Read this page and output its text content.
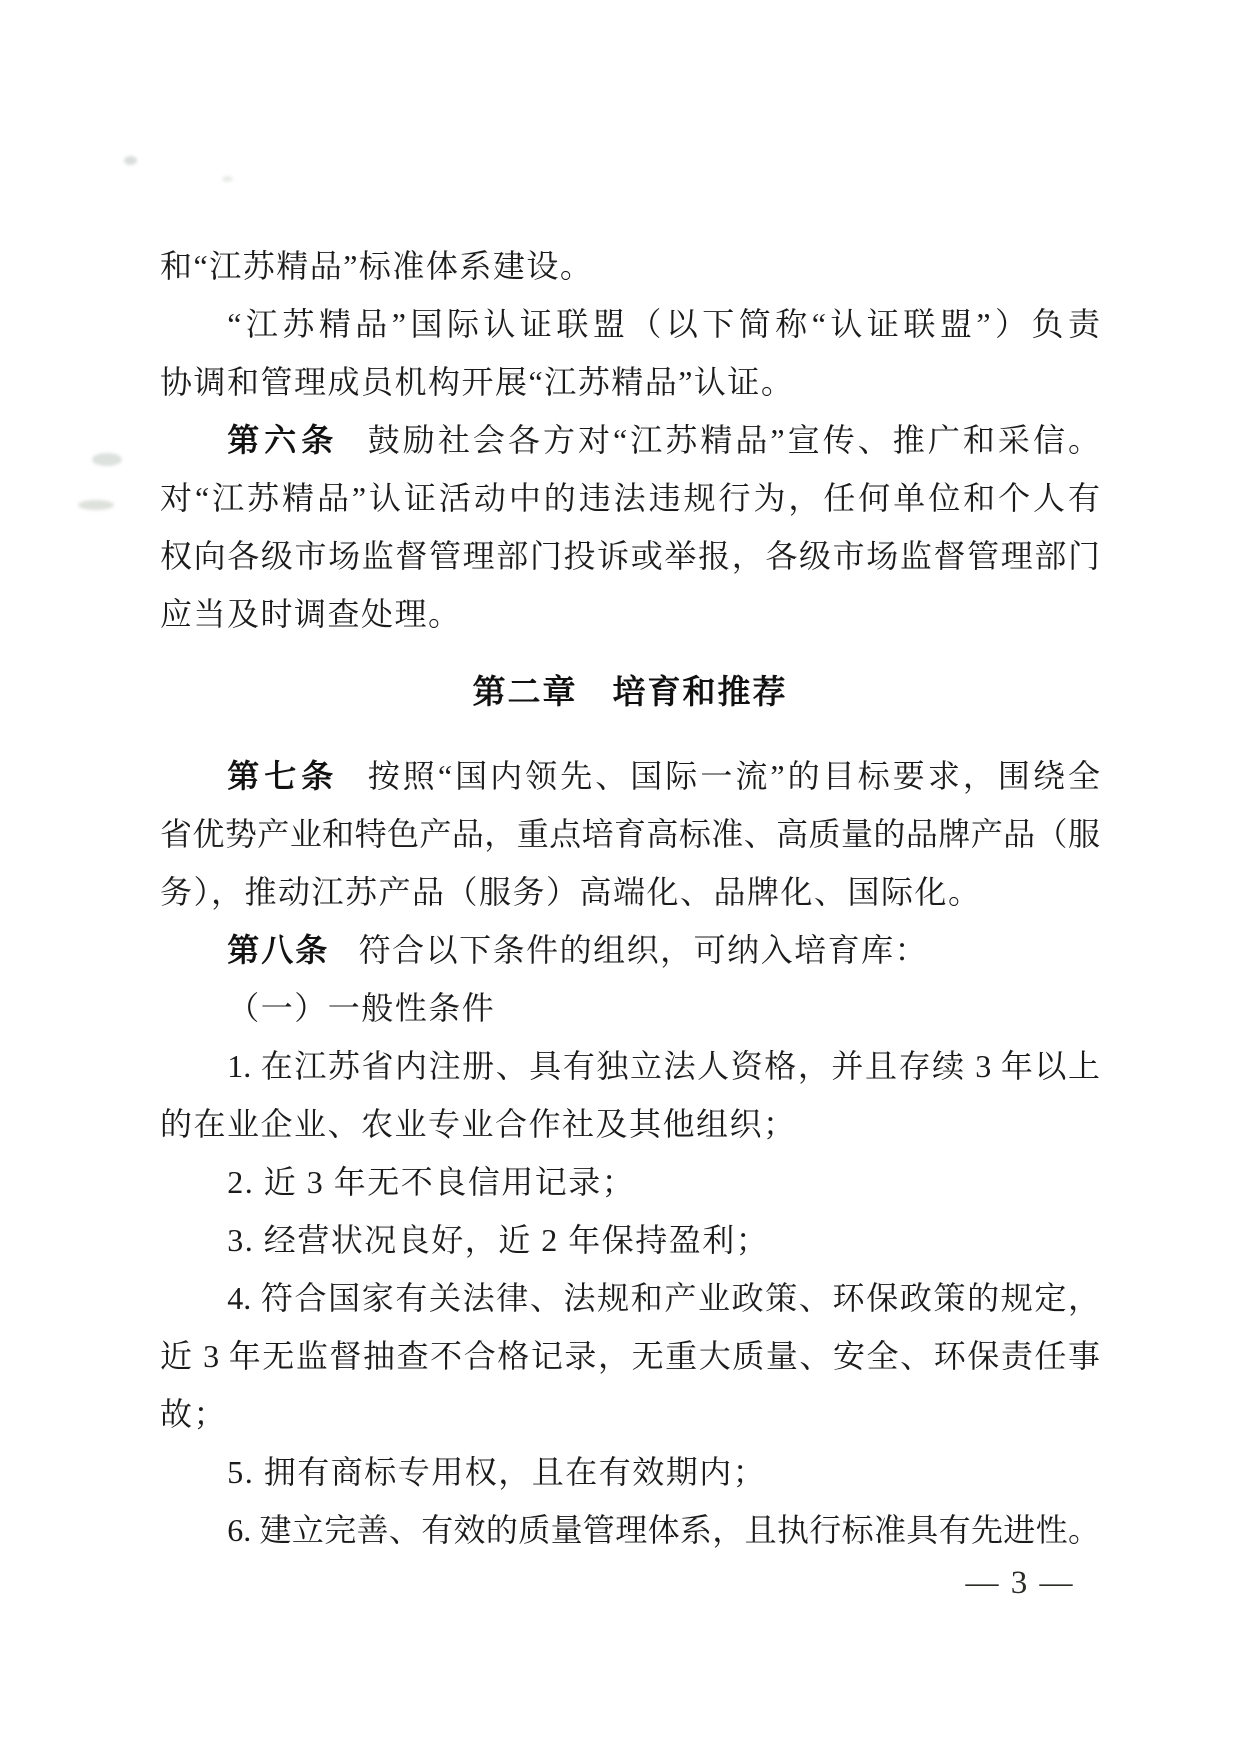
和“江苏精品”标准体系建设。
“江苏精品”国际认证联盟（以下简称“认证联盟”）负责
协调和管理成员机构开展“江苏精品”认证。
第六条 鼓励社会各方对“江苏精品”宣传、推广和采信。
对“江苏精品”认证活动中的违法违规行为，任何单位和个人有
权向各级市场监督管理部门投诉或举报，各级市场监督管理部门
应当及时调查处理。
第二章　培育和推荐
第七条 按照“国内领先、国际一流”的目标要求，围绕全
省优势产业和特色产品，重点培育高标准、高质量的品牌产品（服
务），推动江苏产品（服务）高端化、品牌化、国际化。
第八条 符合以下条件的组织，可纳入培育库：
（一）一般性条件
1. 在江苏省内注册、具有独立法人资格，并且存续 3 年以上
的在业企业、农业专业合作社及其他组织；
2. 近 3 年无不良信用记录；
3. 经营状况良好，近 2 年保持盈利；
4. 符合国家有关法律、法规和产业政策、环保政策的规定，
近 3 年无监督抽查不合格记录，无重大质量、安全、环保责任事
故；
5. 拥有商标专用权，且在有效期内；
6. 建立完善、有效的质量管理体系，且执行标准具有先进性。
— 3 —
